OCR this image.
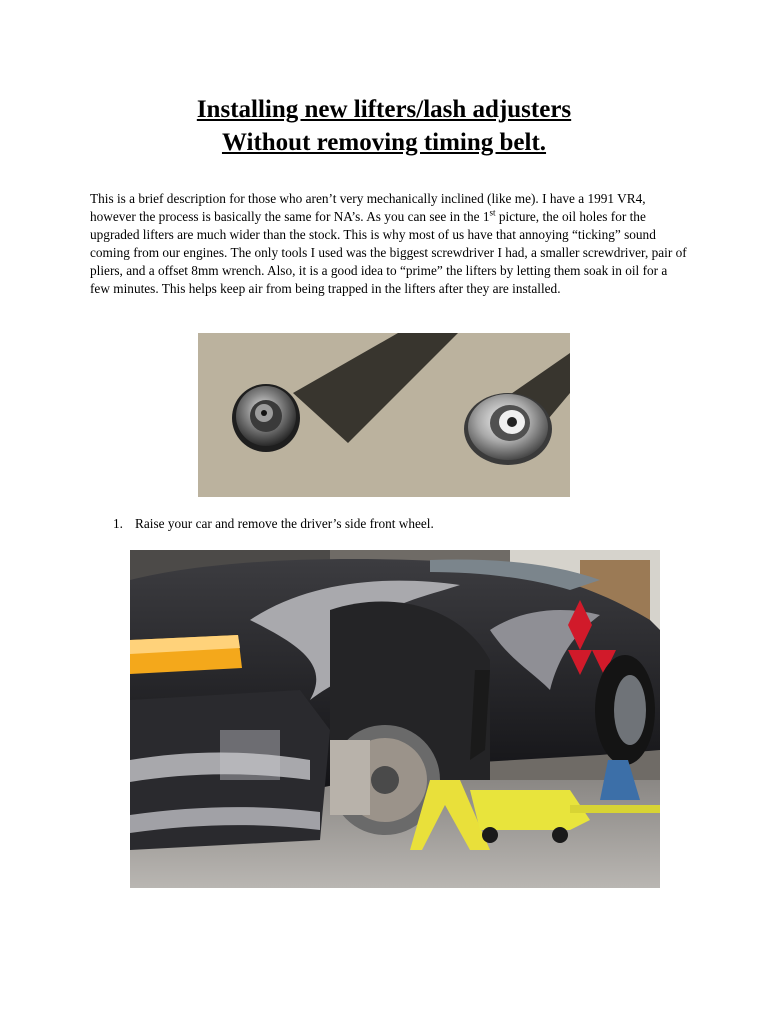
Installing new lifters/lash adjusters
Without removing timing belt.
This is a brief description for those who aren’t very mechanically inclined (like me). I have a 1991 VR4, however the process is basically the same for NA’s. As you can see in the 1st picture, the oil holes for the upgraded lifters are much wider than the stock. This is why most of us have that annoying “ticking” sound coming from our engines. The only tools I used was the biggest screwdriver I had, a smaller screwdriver, pair of pliers, and a offset 8mm wrench. Also, it is a good idea to “prime” the lifters by letting them soak in oil for a few minutes. This helps keep air from being trapped in the lifters after they are installed.
1. Raise your car and remove the driver’s side front wheel.
